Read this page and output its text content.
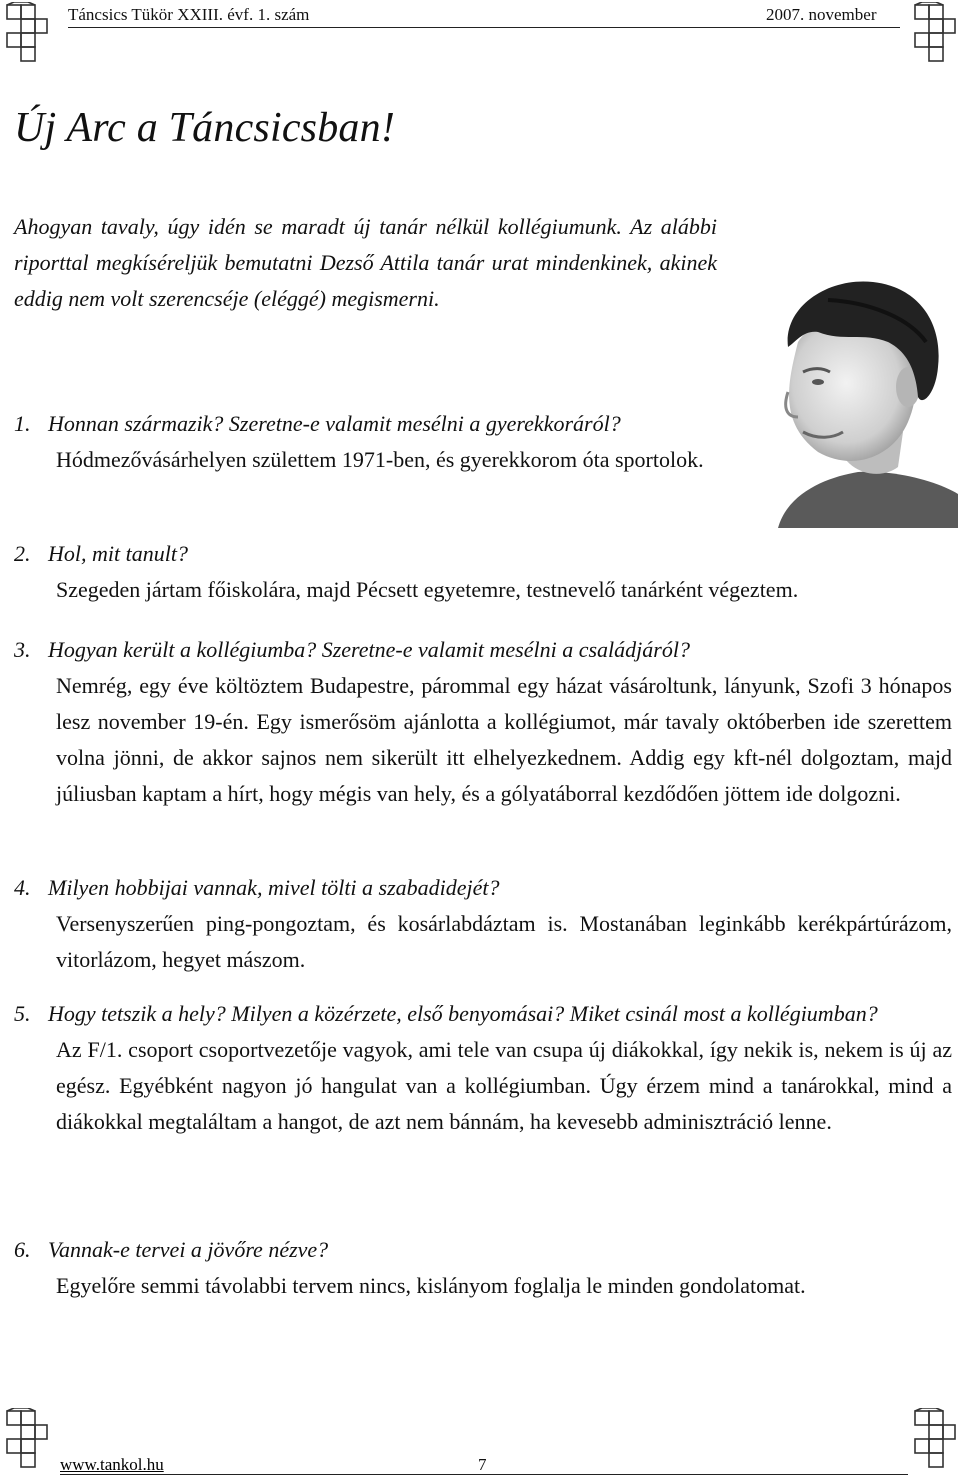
Táncsics Tükör XXIII. évf. 1. szám	2007. november
Új Arc a Táncsicsban!

Ahogyan tavaly, úgy idén se maradt új tanár nélkül kollégiumunk. Az alábbi riporttal megkíséreljük bemutatni Dezső Attila tanár urat mindenkinek, akinek eddig nem volt szerencséje (eléggé) megismerni.

1. Honnan származik? Szeretne-e valamit mesélni a gyerekkoráról?
Hódmezővásárhelyen születtem 1971-ben, és gyerekkorom óta sportolok.
2. Hol, mit tanult?
Szegeden jártam főiskolára, majd Pécsett egyetemre, testnevelő tanárként végeztem.
3. Hogyan került a kollégiumba? Szeretne-e valamit mesélni a családjáról?
Nemrég, egy éve költöztem Budapestre, párommal egy házat vásároltunk, lányunk, Szofi 3 hónapos lesz november 19-én. Egy ismerősöm ajánlotta a kollégiumot, már tavaly októberben ide szerettem volna jönni, de akkor sajnos nem sikerült itt elhelyezkednem. Addig egy kft-nél dolgoztam, majd júliusban kaptam a hírt, hogy mégis van hely, és a gólyatáborral kezdődően jöttem ide dolgozni.
4. Milyen hobbijai vannak, mivel tölti a szabadidejét?
Versenyszerűen ping-pongoztam, és kosárlabdáztam is. Mostanában leginkább kerékpártúrázom, vitorlázom, hegyet mászom.
5. Hogy tetszik a hely? Milyen a közérzete, első benyomásai? Miket csinál most a kollégiumban?
Az F/1. csoport csoportvezetője vagyok, ami tele van csupa új diákokkal, így nekik is, nekem is új az egész. Egyébként nagyon jó hangulat van a kollégiumban. Úgy érzem mind a tanárokkal, mind a diákokkal megtaláltam a hangot, de azt nem bánnám, ha kevesebb adminisztráció lenne.
6. Vannak-e tervei a jövőre nézve?
Egyelőre semmi távolabbi tervem nincs, kislányom foglalja le minden gondolatomat.
www.tankol.hu	7
